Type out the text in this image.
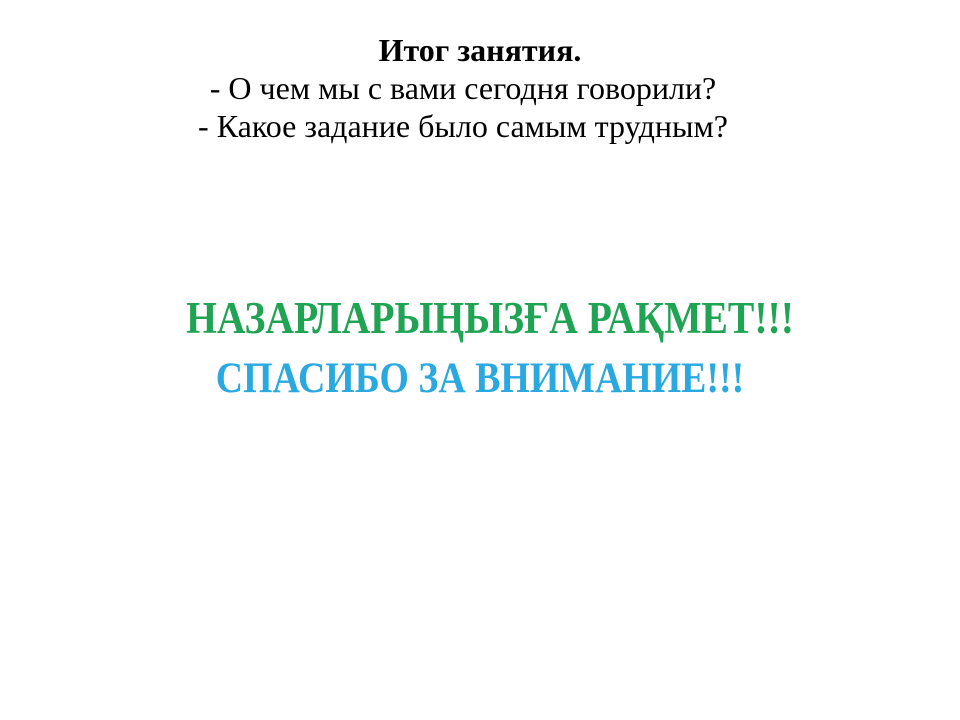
Итог занятия.
- О чем мы с вами сегодня говорили?
- Какое задание было самым трудным?
НАЗАРЛАРЫҢЫЗҒА РАҚМЕТ!!!
СПАСИБО ЗА ВНИМАНИЕ!!!
